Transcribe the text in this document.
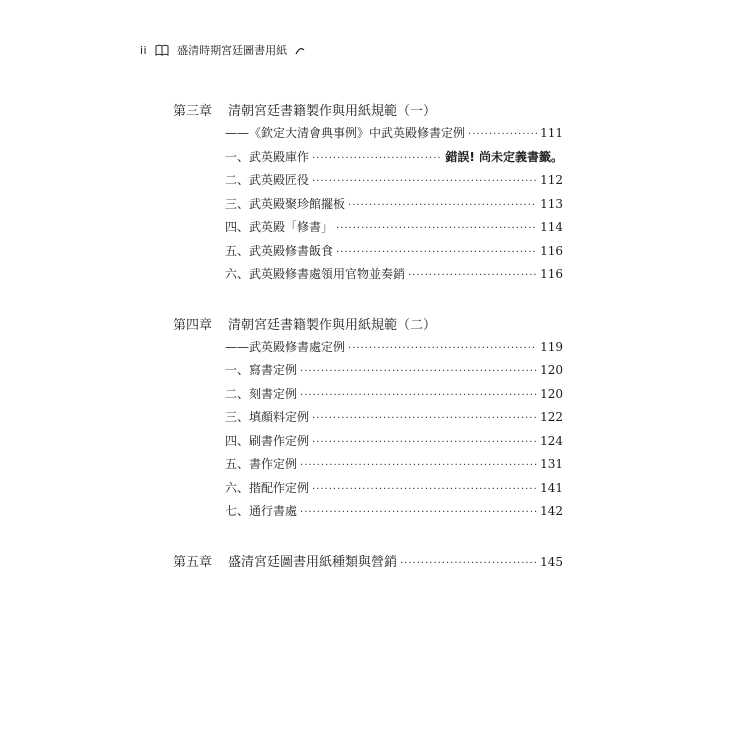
ii	盛清時期宮廷圖書用紙
第三章	清朝宮廷書籍製作與用紙規範（一）
——《欽定大清會典事例》中武英殿修書定例 ·····	111
一、武英殿庫作 ·····	錯誤! 尚未定義書籤。
二、武英殿匠役 ·····	112
三、武英殿聚珍館擺板 ·····	113
四、武英殿「修書」 ·····	114
五、武英殿修書飯食 ·····	116
六、武英殿修書處領用官物並奏銷 ·····	116
第四章	清朝宮廷書籍製作與用紙規範（二）
——武英殿修書處定例 ·····	119
一、寫書定例 ·····	120
二、刻書定例 ·····	120
三、填顏料定例 ·····	122
四、刷書作定例 ·····	124
五、書作定例 ·····	131
六、揩配作定例 ·····	141
七、通行書處 ·····	142
第五章	盛清宮廷圖書用紙種類與營銷 ·····	145
